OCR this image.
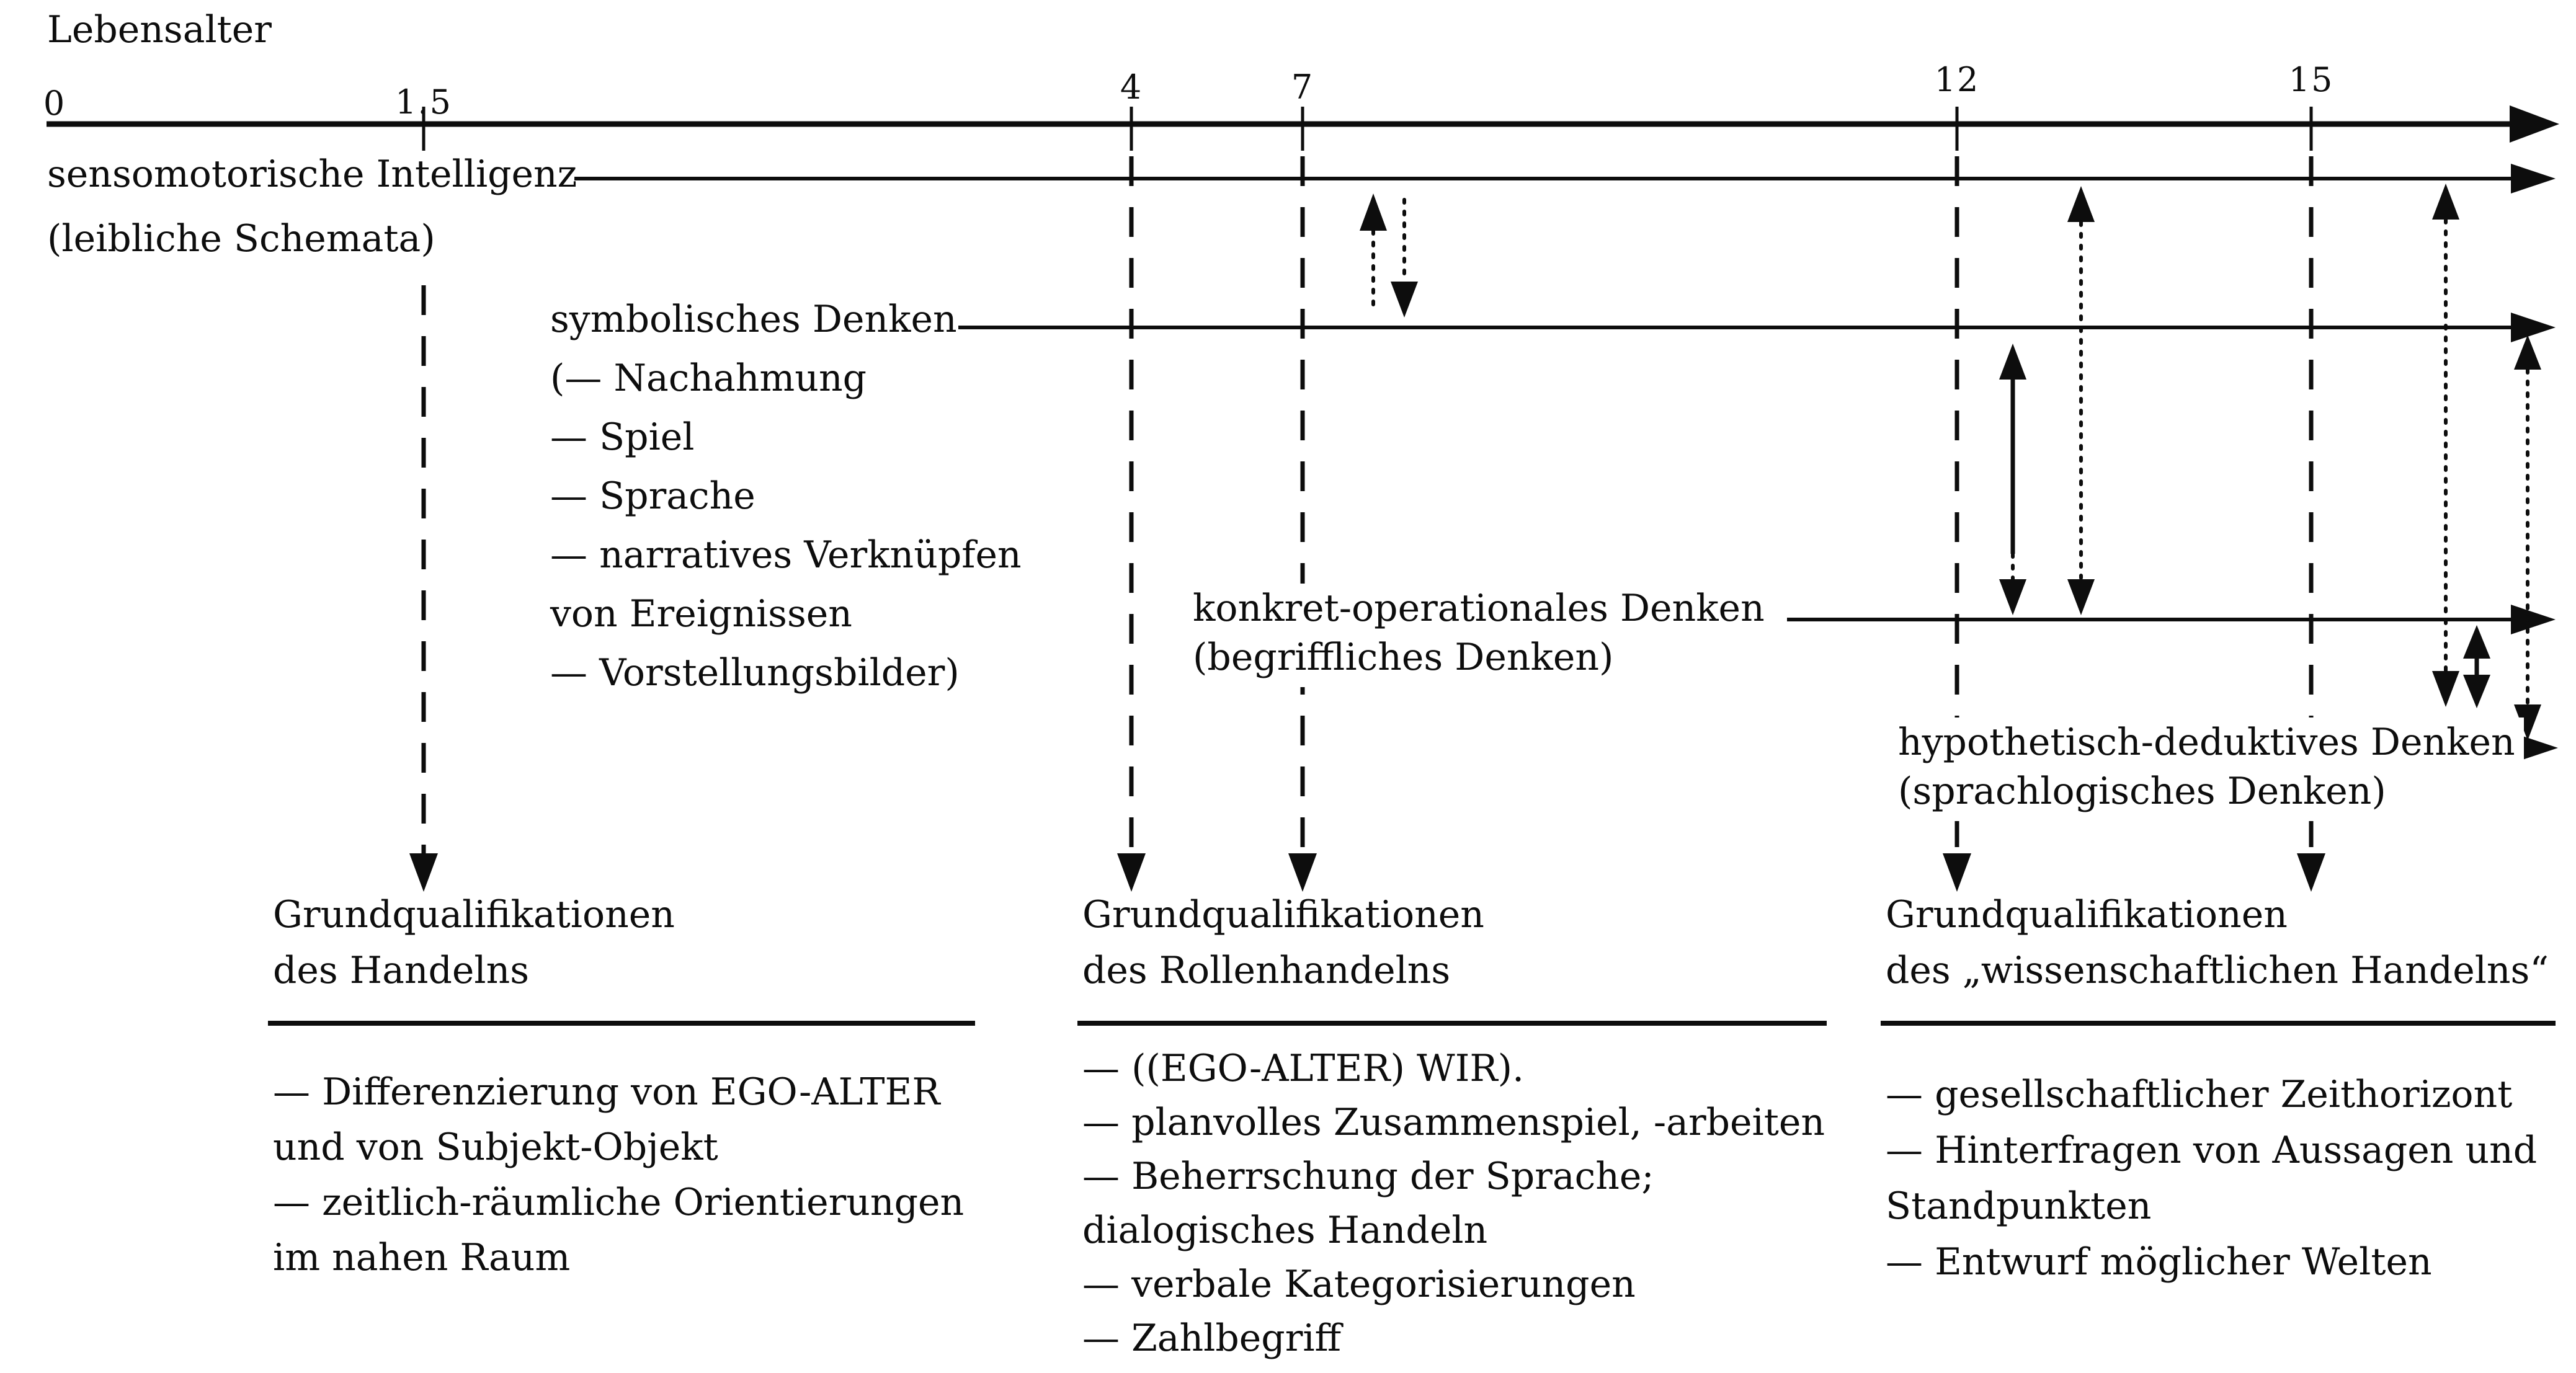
Lebensalter
0	1.5	4	7	12	15
sensomotorische Intelligenz
(leibliche Schemata)
symbolisches Denken
(— Nachahmung
— Spiel
— Sprache
— narratives Verknüpfen
von Ereignissen
— Vorstellungsbilder)
konkret-operationales Denken
(begriffliches Denken)
hypothetisch-deduktives Denken
(sprachlogisches Denken)
Grundqualifikationen
des Handelns
— Differenzierung von EGO-ALTER
und von Subjekt-Objekt
— zeitlich-räumliche Orientierungen
im nahen Raum
Grundqualifikationen
des Rollenhandelns
— ((EGO-ALTER) WIR).
— planvolles Zusammenspiel, -arbeiten
— Beherrschung der Sprache;
dialogisches Handeln
— verbale Kategorisierungen
— Zahlbegriff
Grundqualifikationen
des „wissenschaftlichen Handelns“
— gesellschaftlicher Zeithorizont
— Hinterfragen von Aussagen und
Standpunkten
— Entwurf möglicher Welten
